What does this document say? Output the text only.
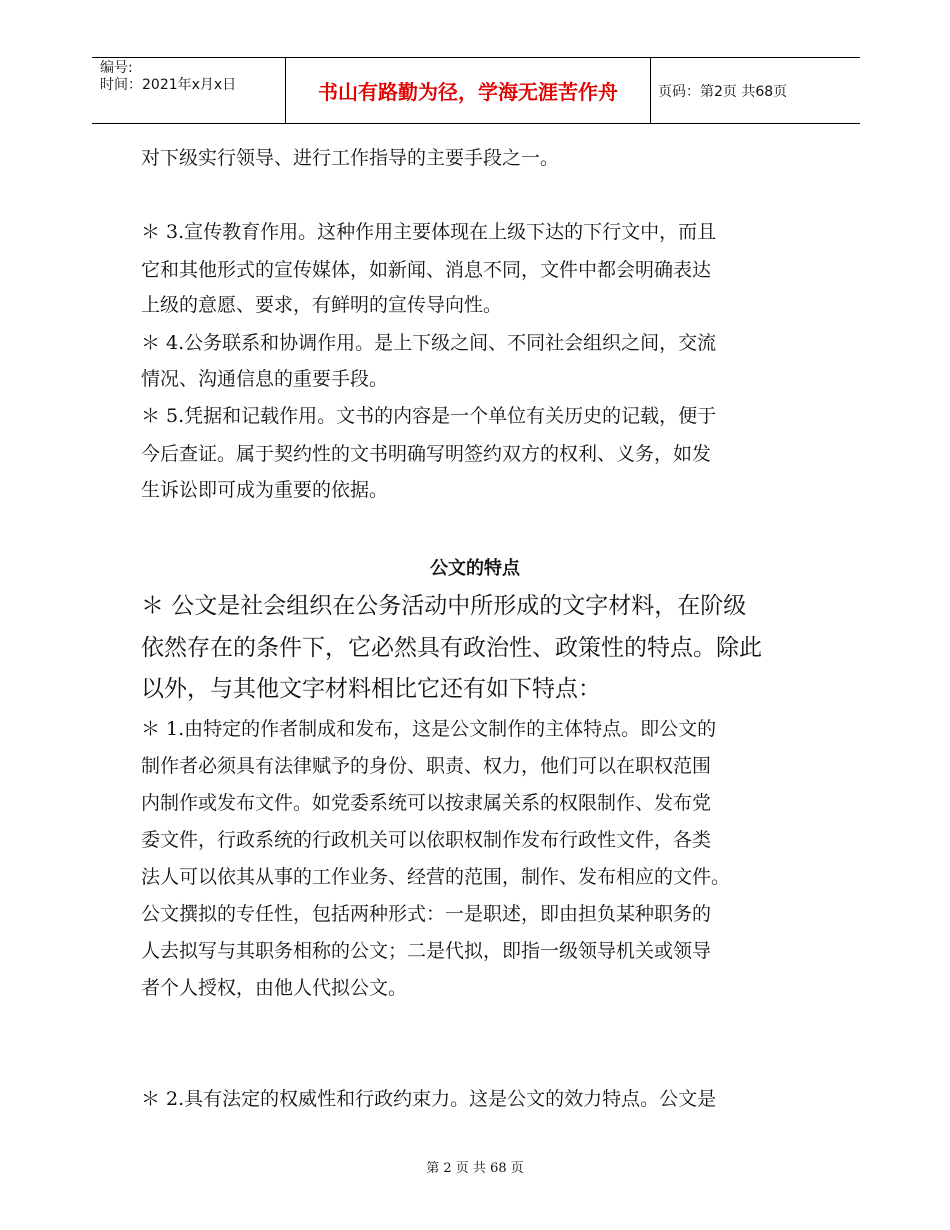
编号:
时间：2021年x月x日	书山有路勤为径，学海无涯苦作舟	页码：第2页 共68页
对下级实行领导、进行工作指导的主要手段之一。
＊ 3.宣传教育作用。这种作用主要体现在上级下达的下行文中，而且
它和其他形式的宣传媒体，如新闻、消息不同，文件中都会明确表达
上级的意愿、要求，有鲜明的宣传导向性。
＊ 4.公务联系和协调作用。是上下级之间、不同社会组织之间，交流
情况、沟通信息的重要手段。
＊ 5.凭据和记载作用。文书的内容是一个单位有关历史的记载，便于
今后查证。属于契约性的文书明确写明签约双方的权利、义务，如发
生诉讼即可成为重要的依据。
公文的特点
＊ 公文是社会组织在公务活动中所形成的文字材料，在阶级
依然存在的条件下，它必然具有政治性、政策性的特点。除此
以外，与其他文字材料相比它还有如下特点：
＊ 1.由特定的作者制成和发布，这是公文制作的主体特点。即公文的
制作者必须具有法律赋予的身份、职责、权力，他们可以在职权范围
内制作或发布文件。如党委系统可以按隶属关系的权限制作、发布党
委文件，行政系统的行政机关可以依职权制作发布行政性文件，各类
法人可以依其从事的工作业务、经营的范围，制作、发布相应的文件。
公文撰拟的专任性，包括两种形式：一是职述，即由担负某种职务的
人去拟写与其职务相称的公文；二是代拟，即指一级领导机关或领导
者个人授权，由他人代拟公文。
＊ 2.具有法定的权威性和行政约束力。这是公文的效力特点。公文是
第 2 页 共 68 页
